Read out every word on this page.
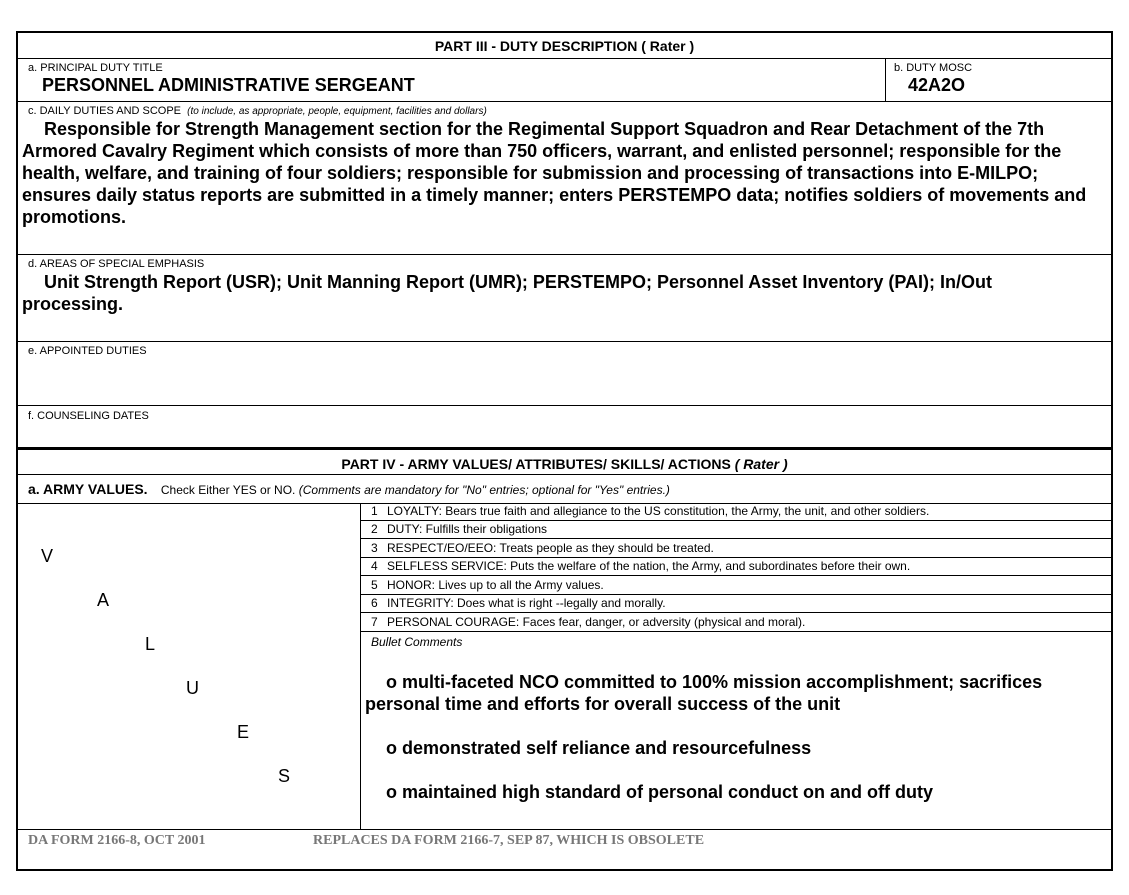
PART III - DUTY DESCRIPTION ( Rater )
a. PRINCIPAL DUTY TITLE
PERSONNEL ADMINISTRATIVE SERGEANT
b. DUTY MOSC
42A2O
c. DAILY DUTIES AND SCOPE (to include, as appropriate, people, equipment, facilities and dollars)
Responsible for Strength Management section for the Regimental Support Squadron and Rear Detachment of the 7th Armored Cavalry Regiment which consists of more than 750 officers, warrant, and enlisted personnel; responsible for the health, welfare, and training of four soldiers; responsible for submission and processing of transactions into E-MILPO; ensures daily status reports are submitted in a timely manner; enters PERSTEMPO data; notifies soldiers of movements and promotions.
d. AREAS OF SPECIAL EMPHASIS
Unit Strength Report (USR); Unit Manning Report (UMR); PERSTEMPO; Personnel Asset Inventory (PAI); In/Out processing.
e. APPOINTED DUTIES
f. COUNSELING DATES
PART IV - ARMY VALUES/ ATTRIBUTES/ SKILLS/ ACTIONS ( Rater )
a. ARMY VALUES. Check Either YES or NO. (Comments are mandatory for "No" entries; optional for "Yes" entries.)
V
A
L
U
E
S
1 LOYALTY: Bears true faith and allegiance to the US constitution, the Army, the unit, and other soldiers.
2 DUTY: Fulfills their obligations
3 RESPECT/EO/EEO: Treats people as they should be treated.
4 SELFLESS SERVICE: Puts the welfare of the nation, the Army, and subordinates before their own.
5 HONOR: Lives up to all the Army values.
6 INTEGRITY: Does what is right --legally and morally.
7 PERSONAL COURAGE: Faces fear, danger, or adversity (physical and moral).
Bullet Comments
o multi-faceted NCO committed to 100% mission accomplishment; sacrifices personal time and efforts for overall success of the unit
o demonstrated self reliance and resourcefulness
o maintained high standard of personal conduct on and off duty
DA FORM 2166-8, OCT 2001	REPLACES DA FORM 2166-7, SEP 87, WHICH IS OBSOLETE
